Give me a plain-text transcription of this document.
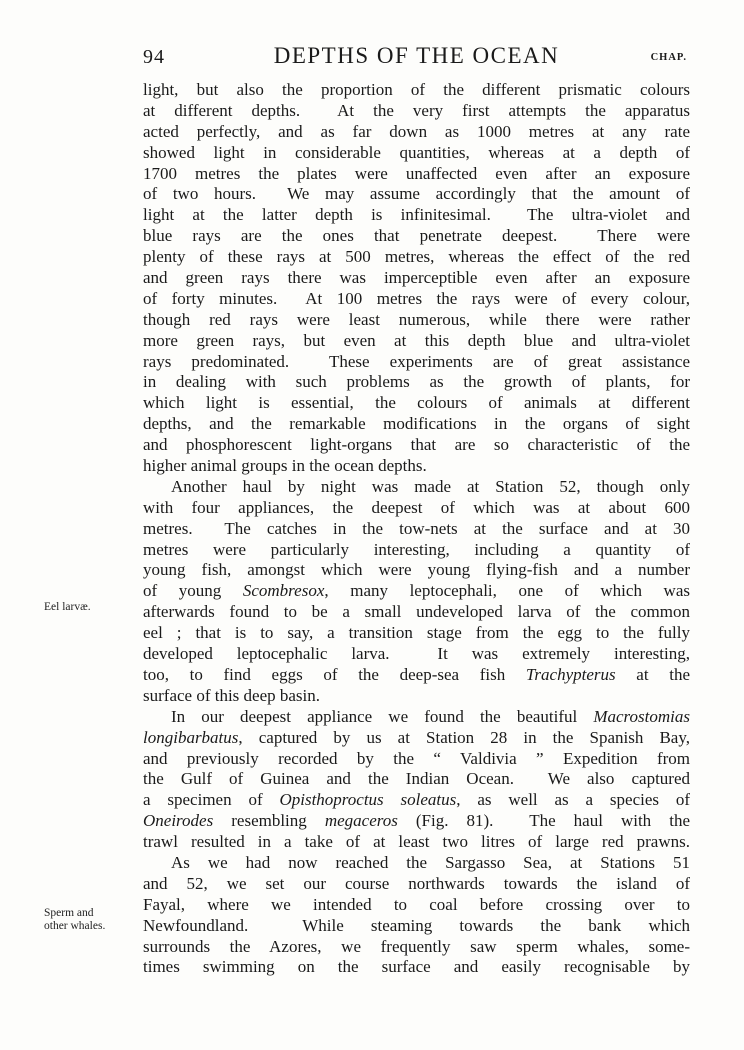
94	DEPTHS OF THE OCEAN	CHAP.
Eel larvæ.
Sperm and
other whales.
light, but also the proportion of the different prismatic colours
at different depths.  At the very first attempts the apparatus
acted perfectly, and as far down as 1000 metres at any rate
showed light in considerable quantities, whereas at a depth of
1700 metres the plates were unaffected even after an exposure
of two hours.  We may assume accordingly that the amount of
light at the latter depth is infinitesimal.  The ultra-violet and
blue rays are the ones that penetrate deepest.  There were
plenty of these rays at 500 metres, whereas the effect of the red
and green rays there was imperceptible even after an exposure
of forty minutes.  At 100 metres the rays were of every colour,
though red rays were least numerous, while there were rather
more green rays, but even at this depth blue and ultra-violet
rays predominated.  These experiments are of great assistance
in dealing with such problems as the growth of plants, for
which light is essential, the colours of animals at different
depths, and the remarkable modifications in the organs of sight
and phosphorescent light-organs that are so characteristic of the
higher animal groups in the ocean depths.
Another haul by night was made at Station 52, though only
with four appliances, the deepest of which was at about 600
metres.  The catches in the tow-nets at the surface and at 30
metres were particularly interesting, including a quantity of
young fish, amongst which were young flying-fish and a number
of young Scombresox, many leptocephali, one of which was
afterwards found to be a small undeveloped larva of the common
eel ; that is to say, a transition stage from the egg to the fully
developed leptocephalic larva.  It was extremely interesting,
too, to find eggs of the deep-sea fish Trachypterus at the
surface of this deep basin.
In our deepest appliance we found the beautiful Macrostomias
longibarbatus, captured by us at Station 28 in the Spanish Bay,
and previously recorded by the “ Valdivia ” Expedition from
the Gulf of Guinea and the Indian Ocean.  We also captured
a specimen of Opisthoproctus soleatus, as well as a species of
Oneirodes resembling megaceros (Fig. 81).  The haul with the
trawl resulted in a take of at least two litres of large red prawns.
As we had now reached the Sargasso Sea, at Stations 51
and 52, we set our course northwards towards the island of
Fayal, where we intended to coal before crossing over to
Newfoundland.  While steaming towards the bank which
surrounds the Azores, we frequently saw sperm whales, some-
times swimming on the surface and easily recognisable by
